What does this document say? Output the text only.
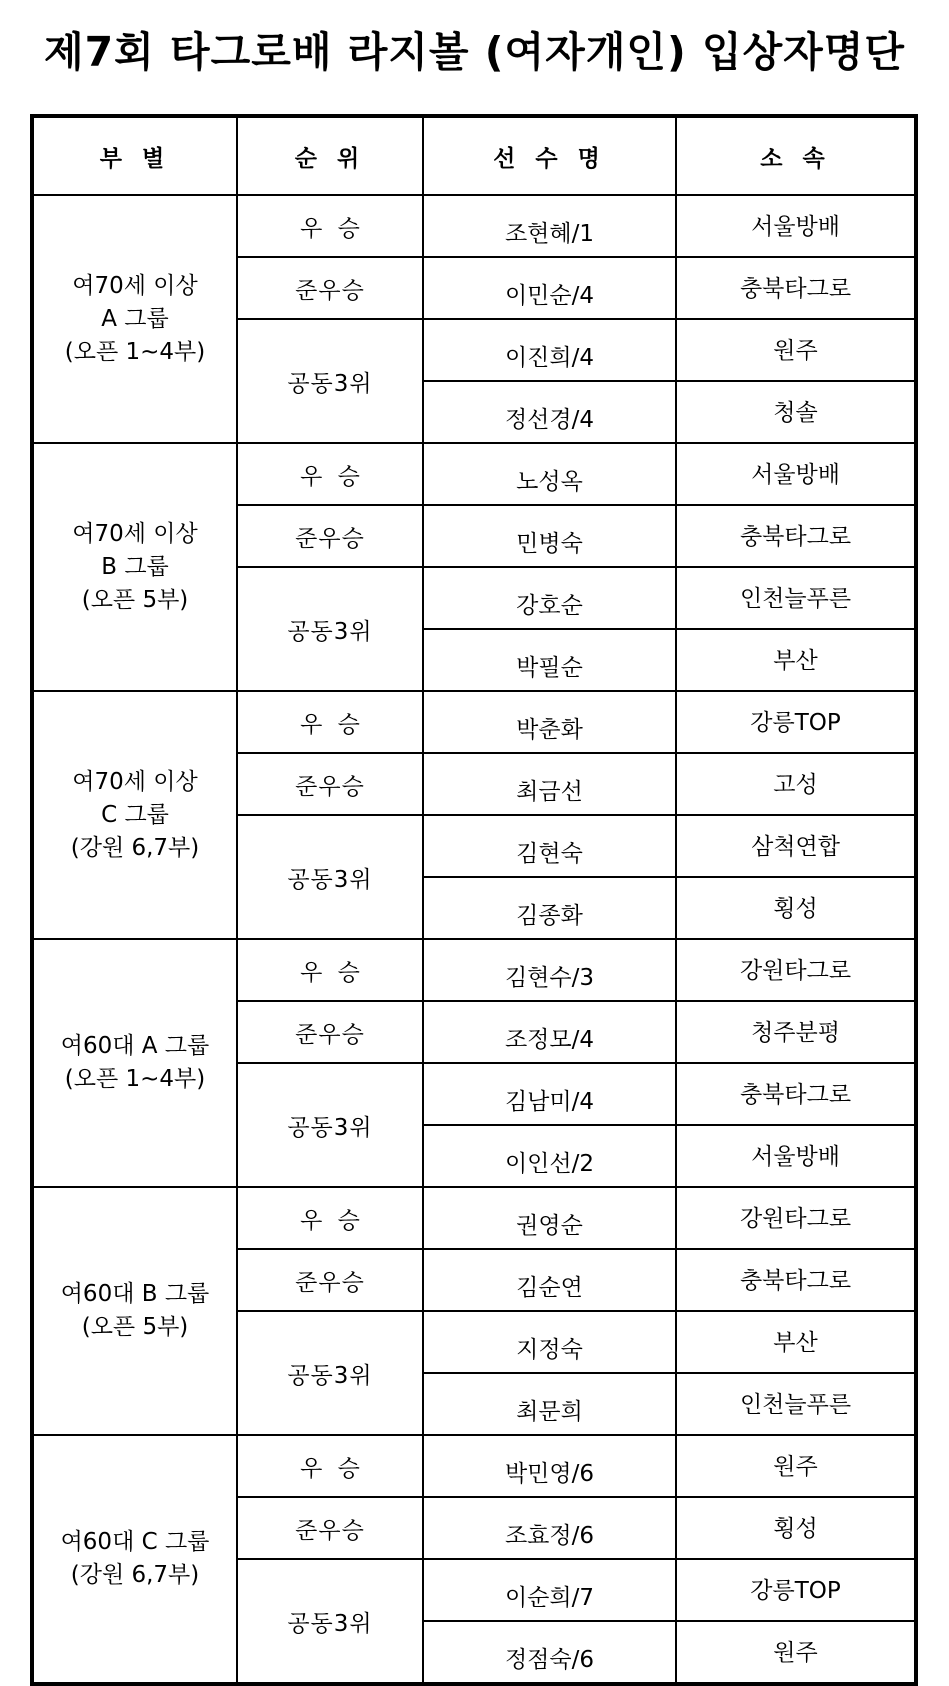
제7회 타그로배 라지볼 (여자개인) 입상자명단
부 별	순 위	선 수 명	소 속
여70세 이상
A 그룹
(오픈 1~4부)	우 승	조현혜/1	서울방배
	준우승	이민순/4	충북타그로
	공동3위	이진희/4	원주
		정선경/4	청솔
여70세 이상
B 그룹
(오픈 5부)	우 승	노성옥	서울방배
	준우승	민병숙	충북타그로
	공동3위	강호순	인천늘푸른
		박필순	부산
여70세 이상
C 그룹
(강원 6,7부)	우 승	박춘화	강릉TOP
	준우승	최금선	고성
	공동3위	김현숙	삼척연합
		김종화	횡성
여60대 A 그룹
(오픈 1~4부)	우 승	김현수/3	강원타그로
	준우승	조정모/4	청주분평
	공동3위	김남미/4	충북타그로
		이인선/2	서울방배
여60대 B 그룹
(오픈 5부)	우 승	권영순	강원타그로
	준우승	김순연	충북타그로
	공동3위	지정숙	부산
		최문희	인천늘푸른
여60대 C 그룹
(강원 6,7부)	우 승	박민영/6	원주
	준우승	조효정/6	횡성
	공동3위	이순희/7	강릉TOP
		정점숙/6	원주
